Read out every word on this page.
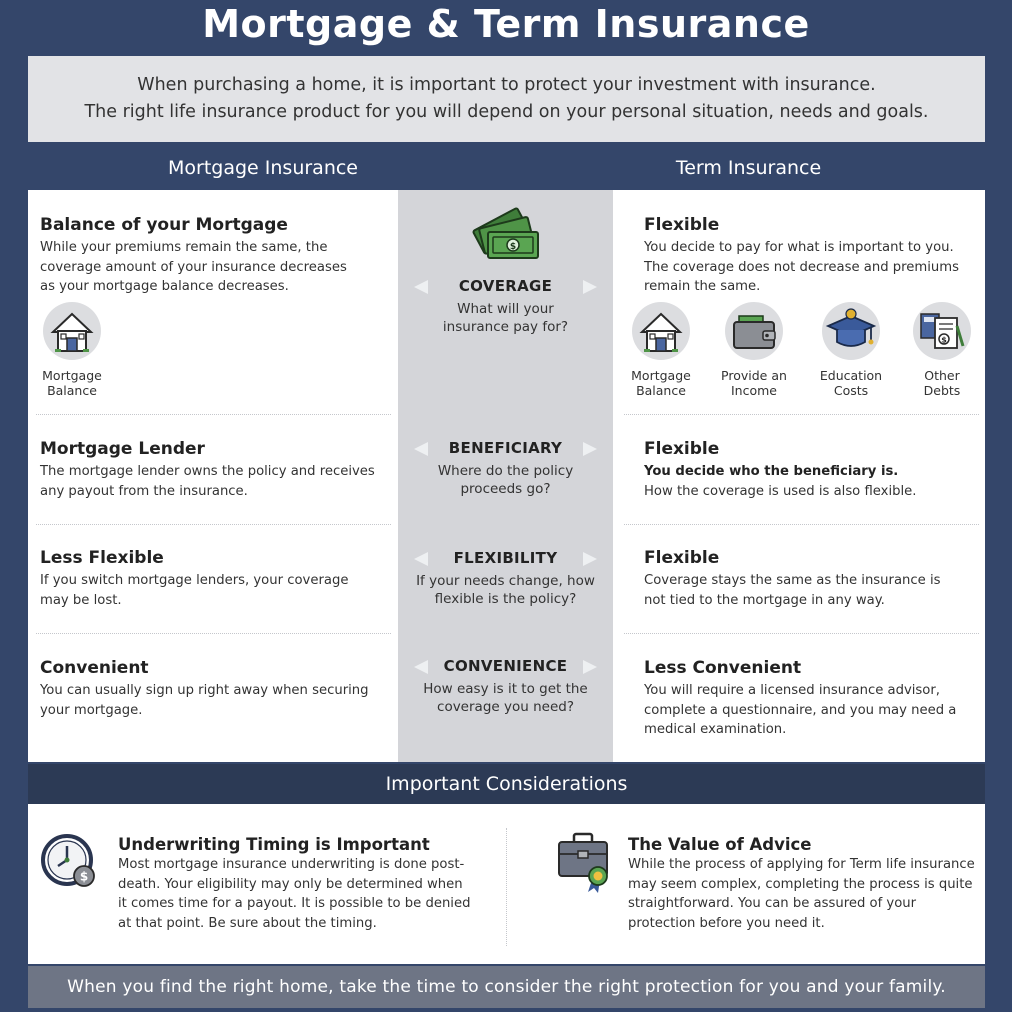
Mortgage & Term Insurance
When purchasing a home, it is important to protect your investment with insurance.
The right life insurance product for you will depend on your personal situation, needs and goals.
Mortgage Insurance	Term Insurance
Balance of your Mortgage
While your premiums remain the same, the coverage amount of your insurance decreases as your mortgage balance decreases.
$
COVERAGE
What will your insurance pay for?
Flexible
You decide to pay for what is important to you. The coverage does not decrease and premiums remain the same.
Mortgage
Balance
Mortgage
Balance
Provide an
Income
Education
Costs
$
Other
Debts
Mortgage Lender
The mortgage lender owns the policy and receives any payout from the insurance.
BENEFICIARY
Where do the policy proceeds go?
Flexible
You decide who the beneficiary is.
How the coverage is used is also flexible.
Less Flexible
If you switch mortgage lenders, your coverage may be lost.
FLEXIBILITY
If your needs change, how flexible is the policy?
Flexible
Coverage stays the same as the insurance is not tied to the mortgage in any way.
Convenient
You can usually sign up right away when securing your mortgage.
CONVENIENCE
How easy is it to get the coverage you need?
Less Convenient
You will require a licensed insurance advisor, complete a questionnaire, and you may need a medical examination.
Important Considerations
$
Underwriting Timing is Important
Most mortgage insurance underwriting is done post-death. Your eligibility may only be determined when it comes time for a payout. It is possible to be denied at that point. Be sure about the timing.
The Value of Advice
While the process of applying for Term life insurance may seem complex, completing the process is quite straightforward. You can be assured of your protection before you need it.
When you find the right home, take the time to consider the right protection for you and your family.
